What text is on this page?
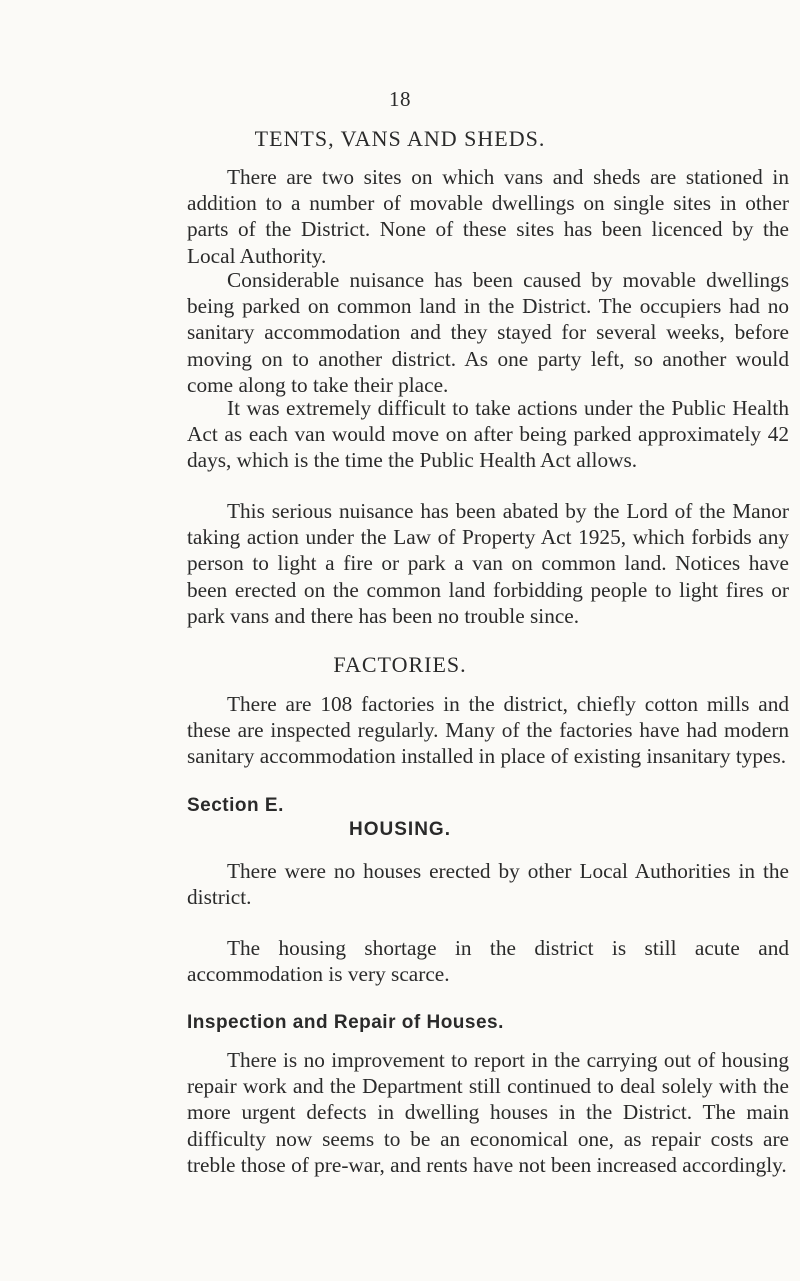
18
TENTS, VANS AND SHEDS.

There are two sites on which vans and sheds are stationed in addition to a number of movable dwellings on single sites in other parts of the District. None of these sites has been licenced by the Local Authority.

Considerable nuisance has been caused by movable dwellings being parked on common land in the District. The occupiers had no sanitary accommodation and they stayed for several weeks, before moving on to another district. As one party left, so another would come along to take their place.

It was extremely difficult to take actions under the Public Health Act as each van would move on after being parked approximately 42 days, which is the time the Public Health Act allows.

This serious nuisance has been abated by the Lord of the Manor taking action under the Law of Property Act 1925, which forbids any person to light a fire or park a van on common land. Notices have been erected on the common land forbidding people to light fires or park vans and there has been no trouble since.

FACTORIES.

There are 108 factories in the district, chiefly cotton mills and these are inspected regularly. Many of the factories have had modern sanitary accommodation installed in place of existing insanitary types.

Section E.
HOUSING.

There were no houses erected by other Local Authorities in the district.

The housing shortage in the district is still acute and accommodation is very scarce.

Inspection and Repair of Houses.

There is no improvement to report in the carrying out of housing repair work and the Department still continued to deal solely with the more urgent defects in dwelling houses in the District. The main difficulty now seems to be an economical one, as repair costs are treble those of pre-war, and rents have not been increased accordingly.
